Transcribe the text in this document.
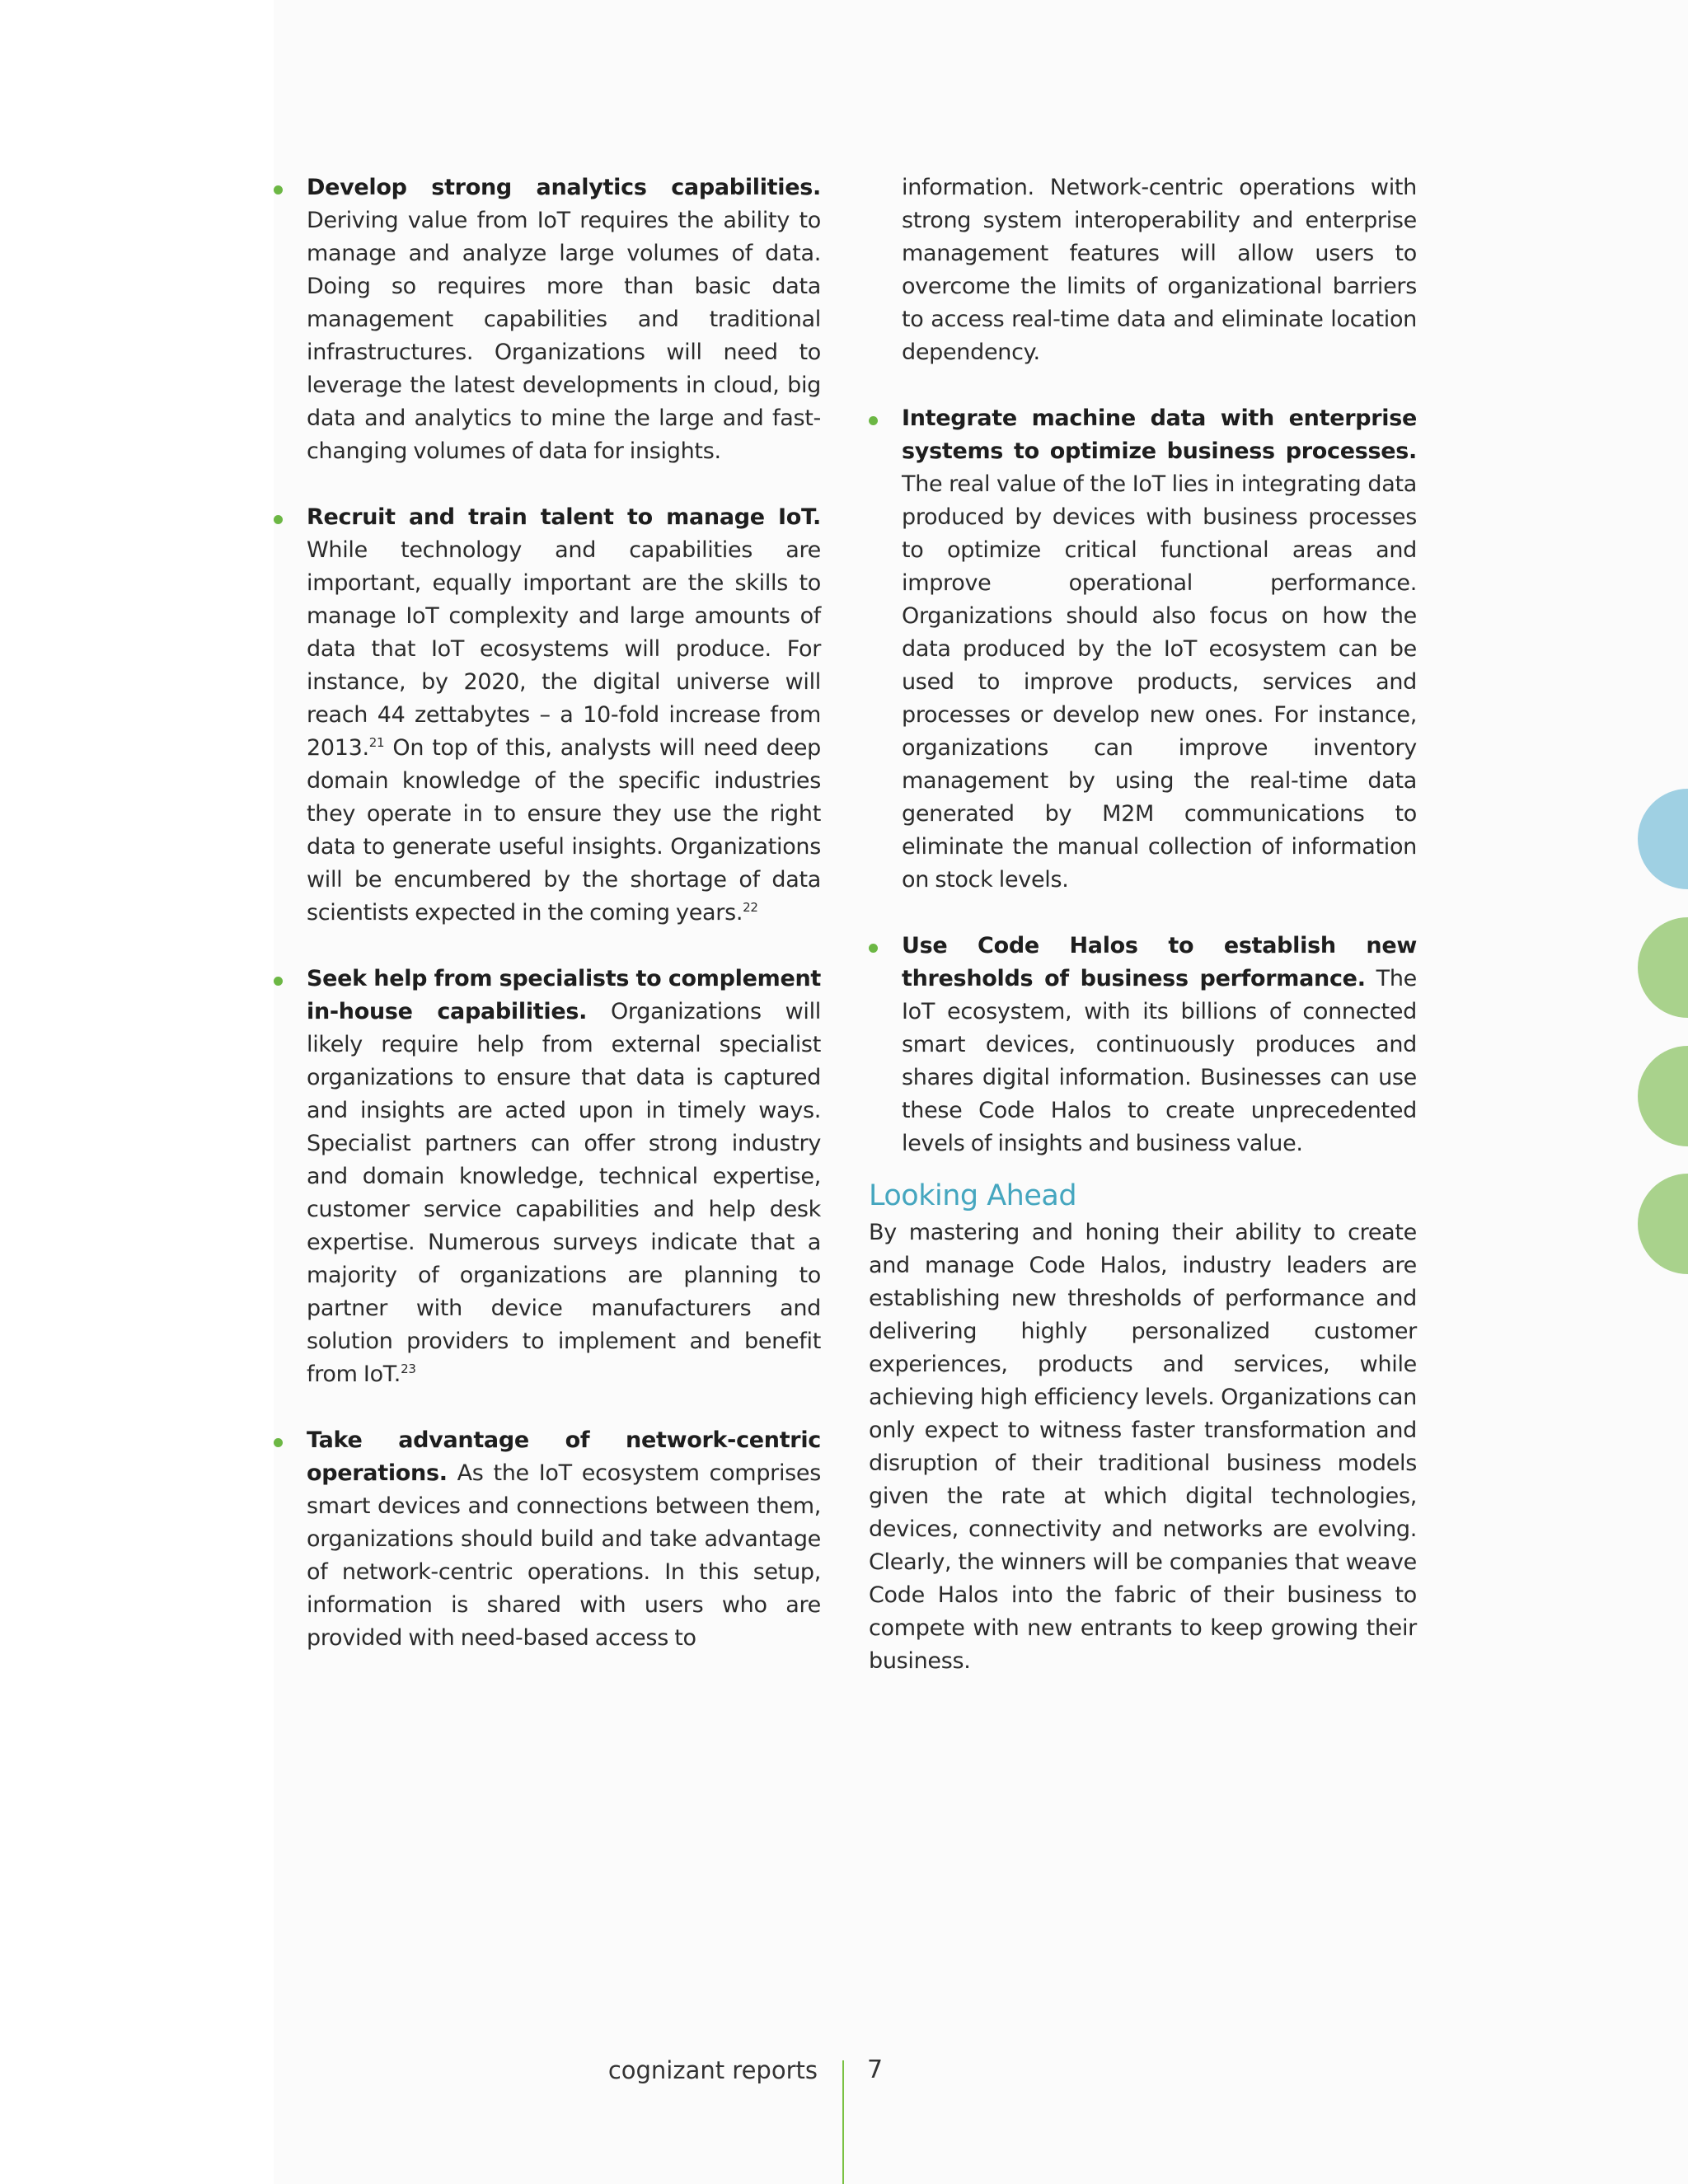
Develop strong analytics capabilities. Deriving value from IoT requires the ability to manage and analyze large volumes of data. Doing so requires more than basic data management capabilities and traditional infrastructures. Organizations will need to leverage the latest developments in cloud, big data and analytics to mine the large and fast-changing volumes of data for insights.

Recruit and train talent to manage IoT. While technology and capabilities are important, equally important are the skills to manage IoT complexity and large amounts of data that IoT ecosystems will produce. For instance, by 2020, the digital universe will reach 44 zettabytes – a 10-fold increase from 2013.21 On top of this, analysts will need deep domain knowledge of the specific industries they operate in to ensure they use the right data to generate useful insights. Organizations will be encumbered by the shortage of data scientists expected in the coming years.$^{22}$

Seek help from specialists to complement in-house capabilities. Organizations will likely require help from external specialist organizations to ensure that data is captured and insights are acted upon in timely ways. Specialist partners can offer strong industry and domain knowledge, technical expertise, customer service capabilities and help desk expertise. Numerous surveys indicate that a majority of organizations are planning to partner with device manufacturers and solution providers to implement and benefit from IoT.$^{23}$

Take advantage of network-centric operations. As the IoT ecosystem comprises smart devices and connections between them, organizations should build and take advantage of network-centric operations. In this setup, information is shared with users who are provided with need-based access to

information. Network-centric operations with strong system interoperability and enterprise management features will allow users to overcome the limits of organizational barriers to access real-time data and eliminate location dependency.

Integrate machine data with enterprise systems to optimize business processes. The real value of the IoT lies in integrating data produced by devices with business processes to optimize critical functional areas and improve operational performance. Organizations should also focus on how the data produced by the IoT ecosystem can be used to improve products, services and processes or develop new ones. For instance, organizations can improve inventory management by using the real-time data generated by M2M communications to eliminate the manual collection of information on stock levels.

Use Code Halos to establish new thresholds of business performance. The IoT ecosystem, with its billions of connected smart devices, continuously produces and shares digital information. Businesses can use these Code Halos to create unprecedented levels of insights and business value.

Looking Ahead

By mastering and honing their ability to create and manage Code Halos, industry leaders are establishing new thresholds of performance and delivering highly personalized customer experiences, products and services, while achieving high efficiency levels. Organizations can only expect to witness faster transformation and disruption of their traditional business models given the rate at which digital technologies, devices, connectivity and networks are evolving. Clearly, the winners will be companies that weave Code Halos into the fabric of their business to compete with new entrants to keep growing their business.

cognizant reports 7
